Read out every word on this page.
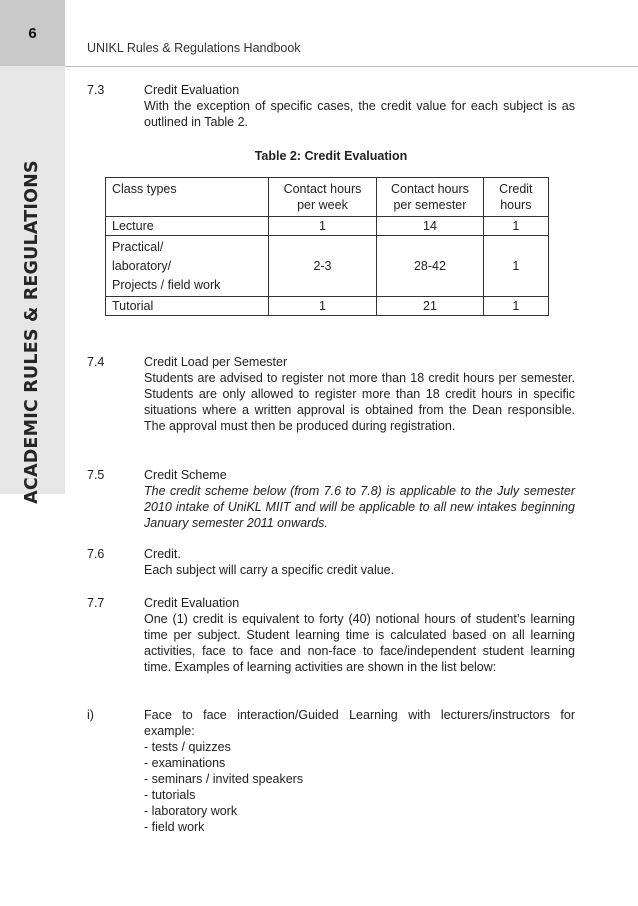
6
ACADEMIC RULES & REGULATIONS
UNIKL Rules & Regulations Handbook
7.3	Credit Evaluation
With the exception of specific cases, the credit value for each subject is as outlined in Table 2.
Table 2: Credit Evaluation
Class types	Contact hours per week	Contact hours per semester	Credit hours
Lecture	1	14	1

Practical/
laboratory/
Projects / field work	2-3	28-42	1
Tutorial	1	21	1
7.4	Credit Load per Semester
Students are advised to register not more than 18 credit hours per semester. Students are only allowed to register more than 18 credit hours in specific situations where a written approval is obtained from the Dean responsible. The approval must then be produced during registration.
7.5	Credit Scheme
The credit scheme below (from 7.6 to 7.8) is applicable to the July semester 2010 intake of UniKL MIIT and will be applicable to all new intakes beginning January semester 2011 onwards.
7.6	Credit.
Each subject will carry a specific credit value.
7.7	Credit Evaluation
One (1) credit is equivalent to forty (40) notional hours of student’s learning time per subject. Student learning time is calculated based on all learning activities, face to face and non-face to face/independent student learning time. Examples of learning activities are shown in the list below:
i)	Face to face interaction/Guided Learning with lecturers/instructors for example:
- tests / quizzes
- examinations
- seminars / invited speakers
- tutorials
- laboratory work
- field work
